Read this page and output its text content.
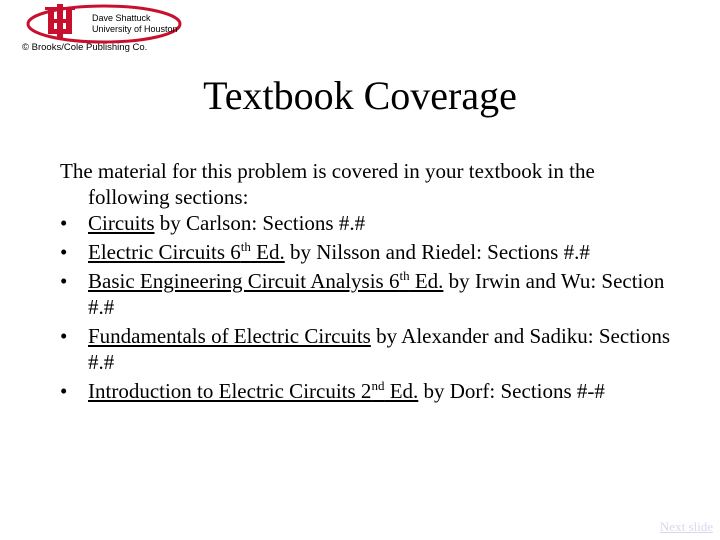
Dave Shattuck
University of Houston
© Brooks/Cole Publishing Co.
Textbook Coverage

The material for this problem is covered in your textbook in the following sections:

• Circuits by Carlson: Sections #.#
• Electric Circuits 6th Ed. by Nilsson and Riedel: Sections #.#
• Basic Engineering Circuit Analysis 6th Ed. by Irwin and Wu: Section #.#
• Fundamentals of Electric Circuits by Alexander and Sadiku: Sections #.#
• Introduction to Electric Circuits 2nd Ed. by Dorf: Sections #-#
Next slide
